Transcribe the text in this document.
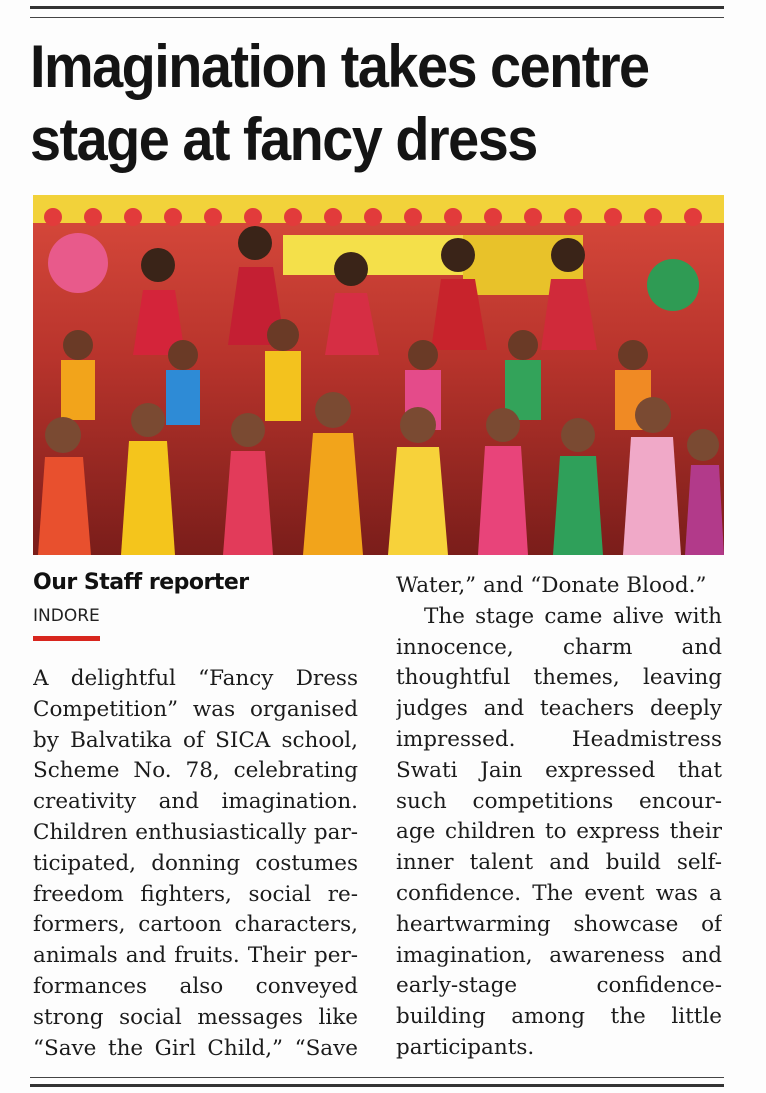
Imagination takes centre
stage at fancy dress
Our Staff reporter
INDORE
A delightful “Fancy Dress
Competition” was organised
by Balvatika of SICA school,
Scheme No. 78, celebrating
creativity and imagination.
Children enthusiastically par-
ticipated, donning costumes
freedom fighters, social re-
formers, cartoon characters,
animals and fruits. Their per-
formances also conveyed
strong social messages like
“Save the Girl Child,” “Save
Water,” and “Donate Blood.”
The stage came alive with
innocence, charm and
thoughtful themes, leaving
judges and teachers deeply
impressed. Headmistress
Swati Jain expressed that
such competitions encour-
age children to express their
inner talent and build self-
confidence. The event was a
heartwarming showcase of
imagination, awareness and
early-stage confidence-
building among the little
participants.
